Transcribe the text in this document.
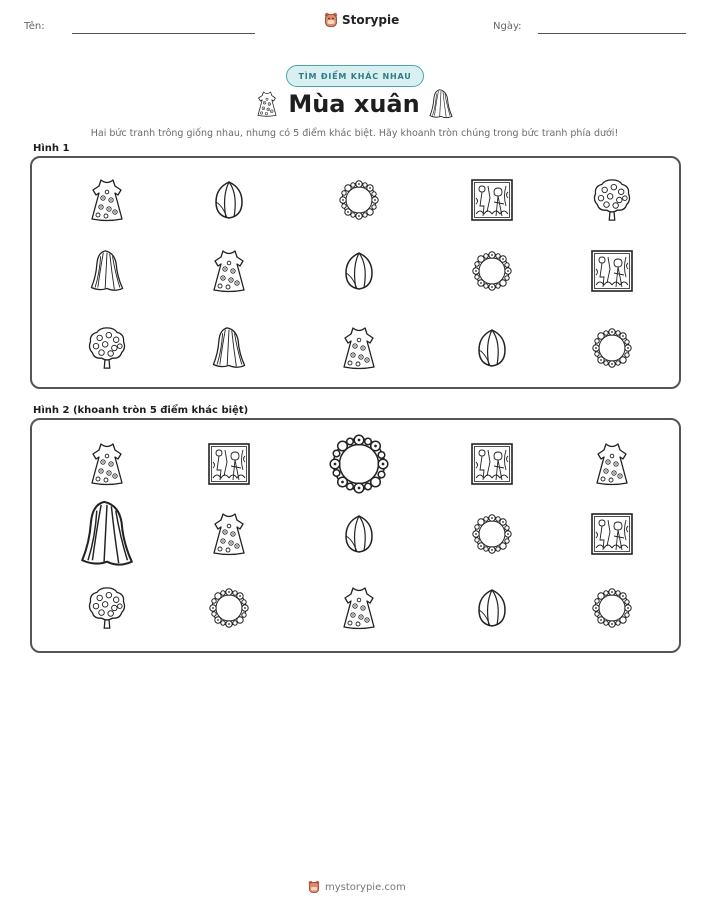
Tên:	Storypie	Ngày:
TÌM ĐIỂM KHÁC NHAU
Mùa xuân
Hai bức tranh trông giống nhau, nhưng có 5 điểm khác biệt. Hãy khoanh tròn chúng trong bức tranh phía dưới!
Hình 1
Hình 2 (khoanh tròn 5 điểm khác biệt)
mystorypie.com
